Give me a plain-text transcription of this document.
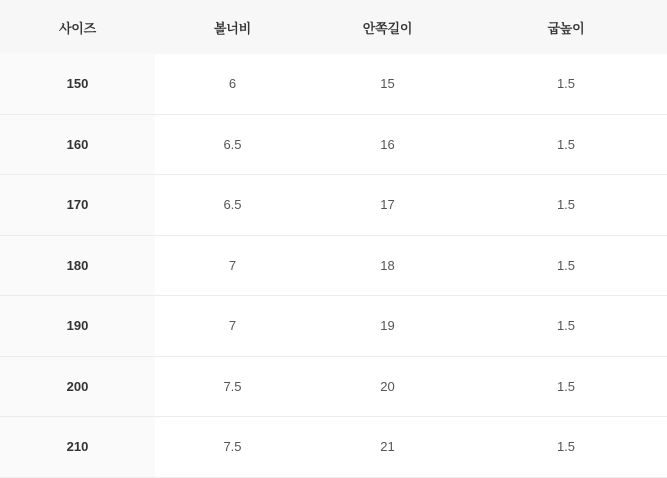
사이즈	볼너비	안쪽길이	굽높이
150	6	15	1.5
160	6.5	16	1.5
170	6.5	17	1.5
180	7	18	1.5
190	7	19	1.5
200	7.5	20	1.5
210	7.5	21	1.5
